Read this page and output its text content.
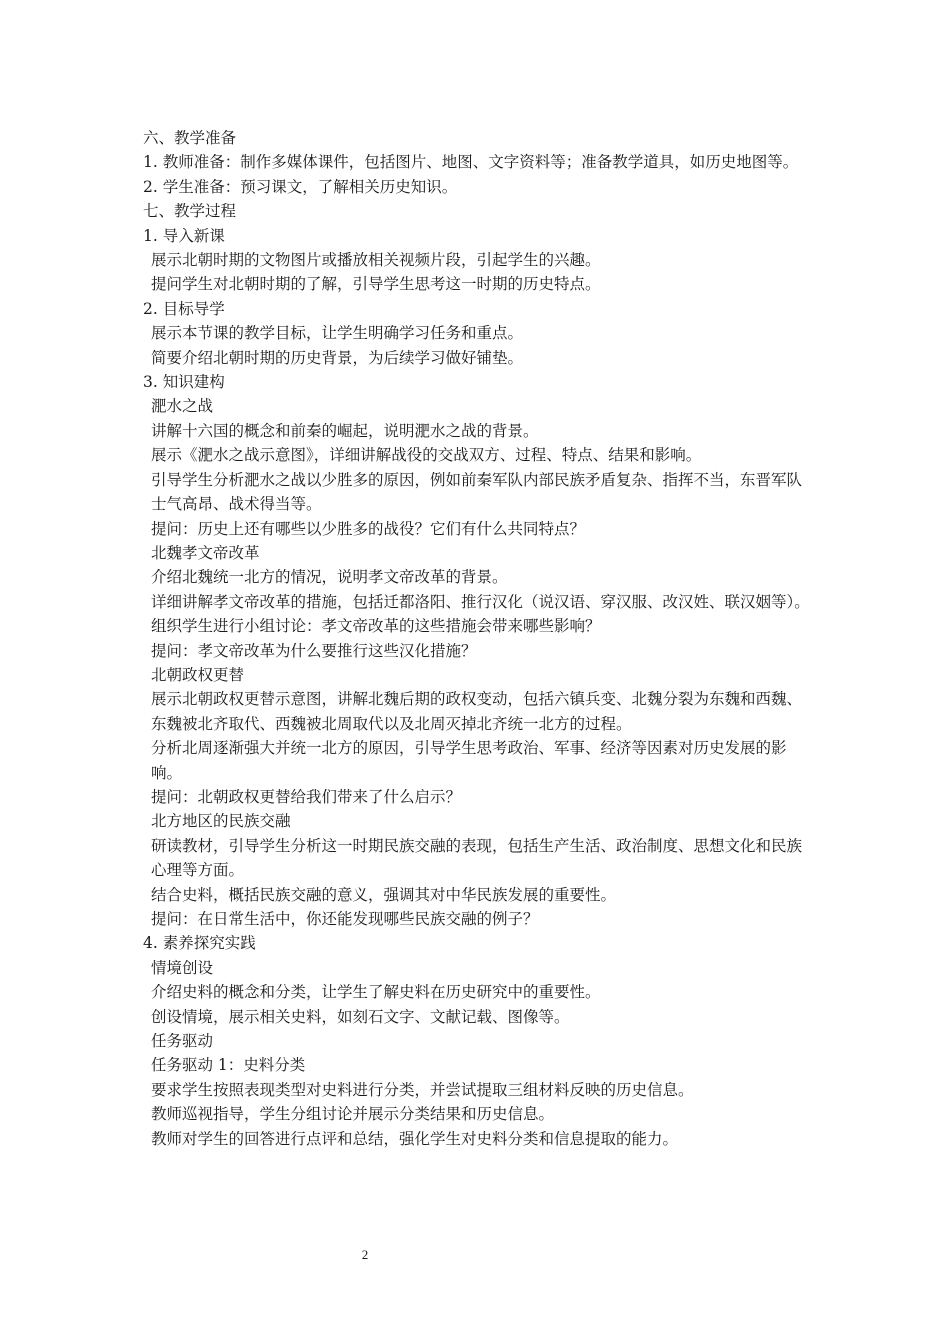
六、教学准备
1. 教师准备：制作多媒体课件，包括图片、地图、文字资料等；准备教学道具，如历史地图等。
2. 学生准备：预习课文，了解相关历史知识。
七、教学过程
1. 导入新课
展示北朝时期的文物图片或播放相关视频片段，引起学生的兴趣。
提问学生对北朝时期的了解，引导学生思考这一时期的历史特点。
2. 目标导学
展示本节课的教学目标，让学生明确学习任务和重点。
简要介绍北朝时期的历史背景，为后续学习做好铺垫。
3. 知识建构
淝水之战
讲解十六国的概念和前秦的崛起，说明淝水之战的背景。
展示《淝水之战示意图》，详细讲解战役的交战双方、过程、特点、结果和影响。
引导学生分析淝水之战以少胜多的原因，例如前秦军队内部民族矛盾复杂、指挥不当，东晋军队士气高昂、战术得当等。
提问：历史上还有哪些以少胜多的战役？它们有什么共同特点？
北魏孝文帝改革
介绍北魏统一北方的情况，说明孝文帝改革的背景。
详细讲解孝文帝改革的措施，包括迁都洛阳、推行汉化（说汉语、穿汉服、改汉姓、联汉姻等）。
组织学生进行小组讨论：孝文帝改革的这些措施会带来哪些影响？
提问：孝文帝改革为什么要推行这些汉化措施？
北朝政权更替
展示北朝政权更替示意图，讲解北魏后期的政权变动，包括六镇兵变、北魏分裂为东魏和西魏、东魏被北齐取代、西魏被北周取代以及北周灭掉北齐统一北方的过程。
分析北周逐渐强大并统一北方的原因，引导学生思考政治、军事、经济等因素对历史发展的影响。
提问：北朝政权更替给我们带来了什么启示？
北方地区的民族交融
研读教材，引导学生分析这一时期民族交融的表现，包括生产生活、政治制度、思想文化和民族心理等方面。
结合史料，概括民族交融的意义，强调其对中华民族发展的重要性。
提问：在日常生活中，你还能发现哪些民族交融的例子？
4. 素养探究实践
情境创设
介绍史料的概念和分类，让学生了解史料在历史研究中的重要性。
创设情境，展示相关史料，如刻石文字、文献记载、图像等。
任务驱动
任务驱动 1：史料分类
要求学生按照表现类型对史料进行分类，并尝试提取三组材料反映的历史信息。
教师巡视指导，学生分组讨论并展示分类结果和历史信息。
教师对学生的回答进行点评和总结，强化学生对史料分类和信息提取的能力。
2
